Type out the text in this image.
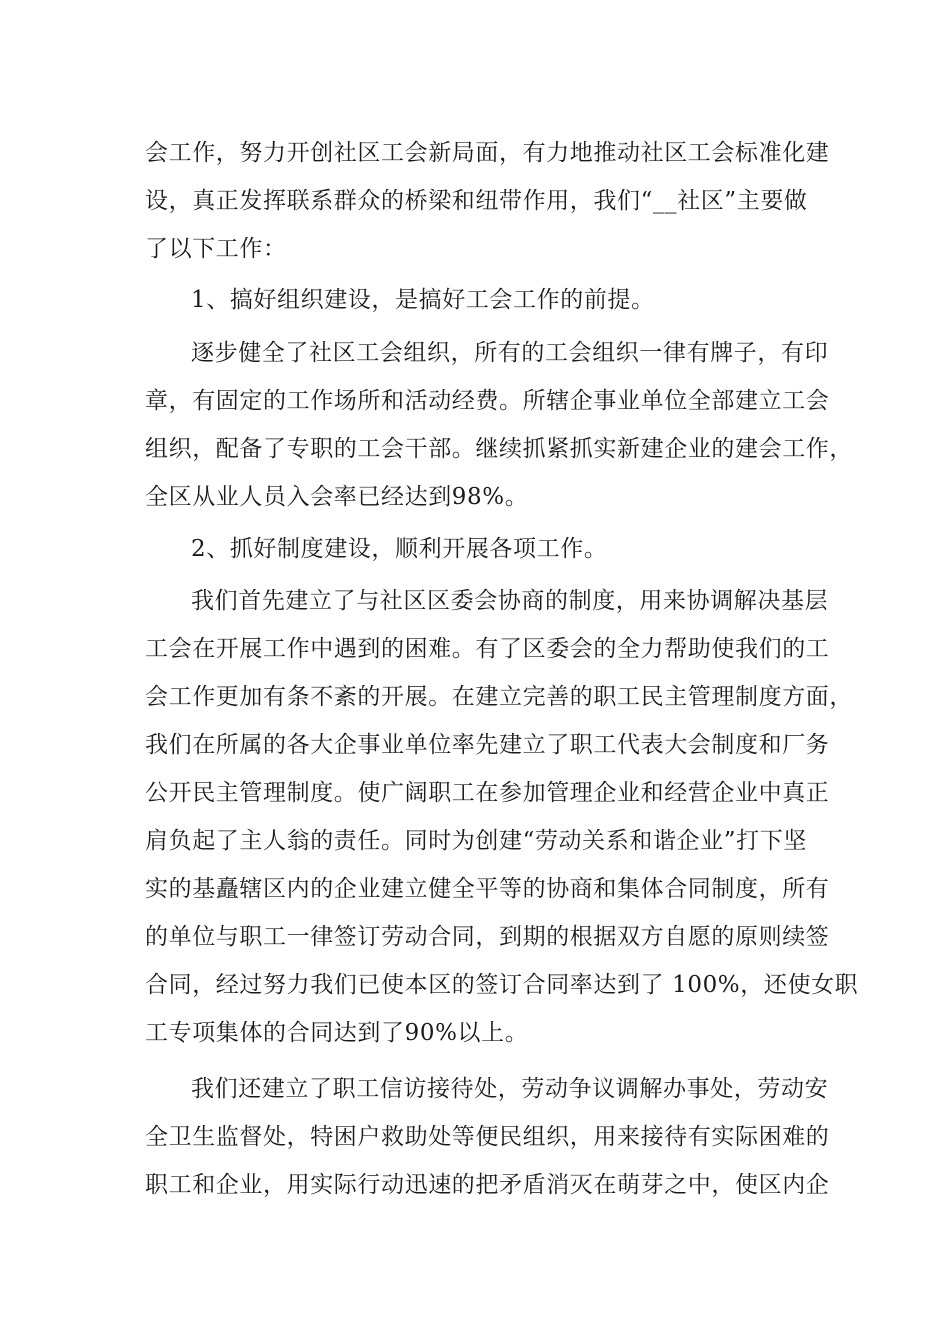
会工作，努力开创社区工会新局面，有力地推动社区工会标准化建
设，真正发挥联系群众的桥梁和纽带作用，我们“__社区”主要做
了以下工作：
1、搞好组织建设，是搞好工会工作的前提。
逐步健全了社区工会组织，所有的工会组织一律有牌子，有印
章，有固定的工作场所和活动经费。所辖企事业单位全部建立工会
组织，配备了专职的工会干部。继续抓紧抓实新建企业的建会工作，
全区从业人员入会率已经达到98%。
2、抓好制度建设，顺利开展各项工作。
我们首先建立了与社区区委会协商的制度，用来协调解决基层
工会在开展工作中遇到的困难。有了区委会的全力帮助使我们的工
会工作更加有条不紊的开展。在建立完善的职工民主管理制度方面，
我们在所属的各大企事业单位率先建立了职工代表大会制度和厂务
公开民主管理制度。使广阔职工在参加管理企业和经营企业中真正
肩负起了主人翁的责任。同时为创建“劳动关系和谐企业”打下坚
实的基矗辖区内的企业建立健全平等的协商和集体合同制度，所有
的单位与职工一律签订劳动合同，到期的根据双方自愿的原则续签
合同，经过努力我们已使本区的签订合同率达到了 100%，还使女职
工专项集体的合同达到了90%以上。
我们还建立了职工信访接待处，劳动争议调解办事处，劳动安
全卫生监督处，特困户救助处等便民组织，用来接待有实际困难的
职工和企业，用实际行动迅速的把矛盾消灭在萌芽之中，使区内企
